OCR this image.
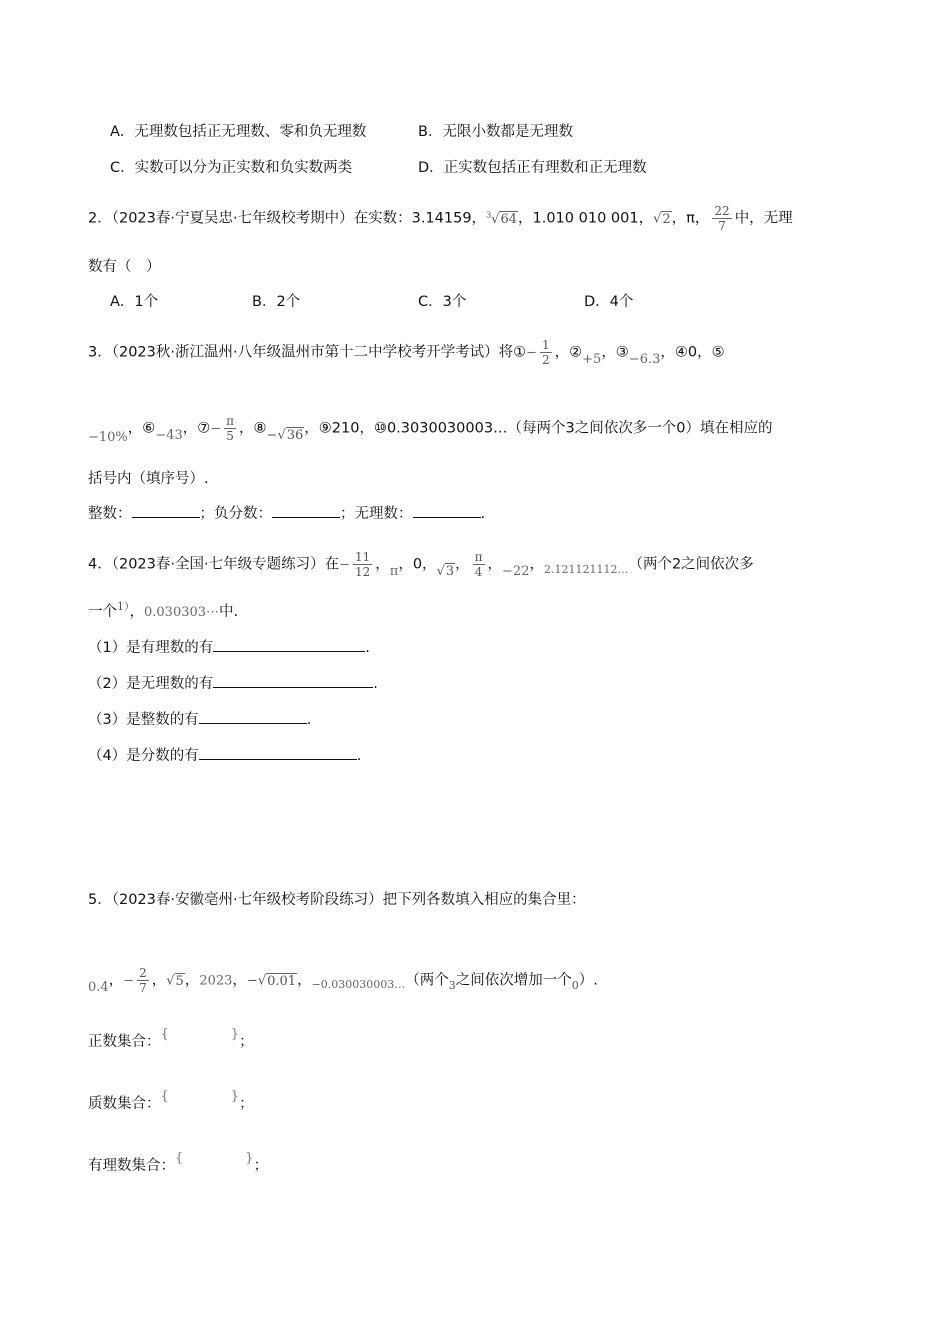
A．无理数包括正无理数、零和负无理数	B．无限小数都是无理数
C．实数可以分为正实数和负实数两类	D．正实数包括正有理数和正无理数
2．（2023春·宁夏吴忠·七年级校考期中）在实数：3.14159，$^3$√64，1.010 010 001，√2，π， $\frac{22}{7}$ 中，无理
数有（　）
A．1个	B．2个	C．3个	D．4个
3．（2023秋·浙江温州·八年级温州市第十二中学校考开学考试）将①− $\frac{1}{2}$ ，②+5，③−6.3，④0，⑤
−10%，⑥−43，⑦− $\frac{\pi}{5}$ ，⑧−√36，⑨210，⑩0.3030030003…（每两个3之间依次多一个0）填在相应的
括号内（填序号）.
整数：	；负分数：	；无理数：	.
4．（2023春·全国·七年级专题练习）在− $\frac{11}{12}$ ，π，0，√3， $\frac{\pi}{4}$ ，−22，$_{2.121121112\dots}$（两个2之间依次多
一个$^{1)}$，0.030303⋯中.
（1）是有理数的有	.
（2）是无理数的有	.
（3）是整数的有	.
（4）是分数的有	.
5．（2023春·安徽亳州·七年级校考阶段练习）把下列各数填入相应的集合里：
0.4，− $\frac{2}{7}$ ，√5，2023，−√0.01，$_{-0.030030003\dots}$（两个$_3$之间依次增加一个$_0$）.
正数集合：{	}；
质数集合：{	}；
有理数集合：{	}；
